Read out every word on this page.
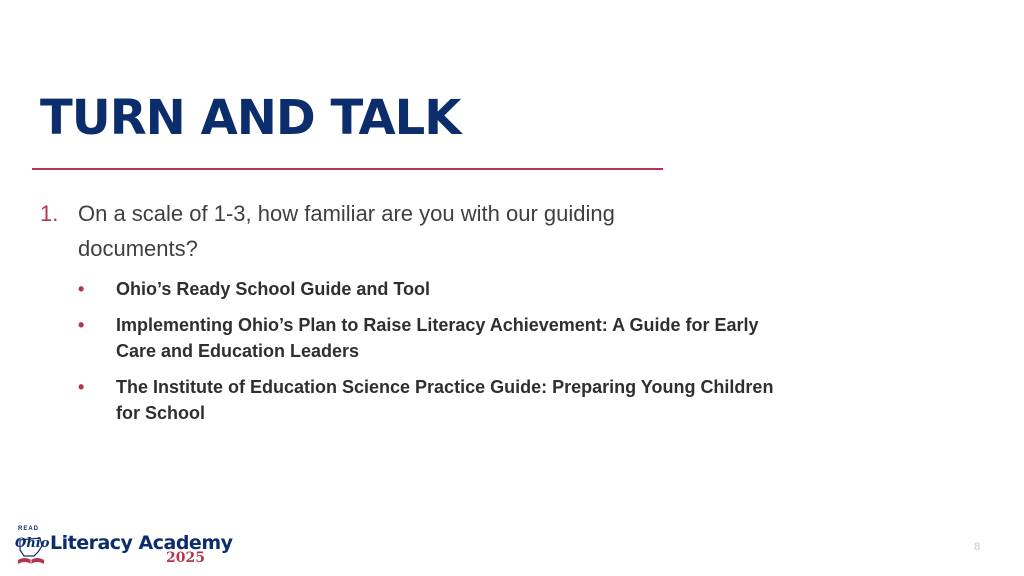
TURN AND TALK
1. On a scale of 1-3, how familiar are you with our guiding documents?
• Ohio’s Ready School Guide and Tool
• Implementing Ohio’s Plan to Raise Literacy Achievement: A Guide for Early Care and Education Leaders
• The Institute of Education Science Practice Guide: Preparing Young Children for School
READ
Ohio Literacy Academy
2025
8
